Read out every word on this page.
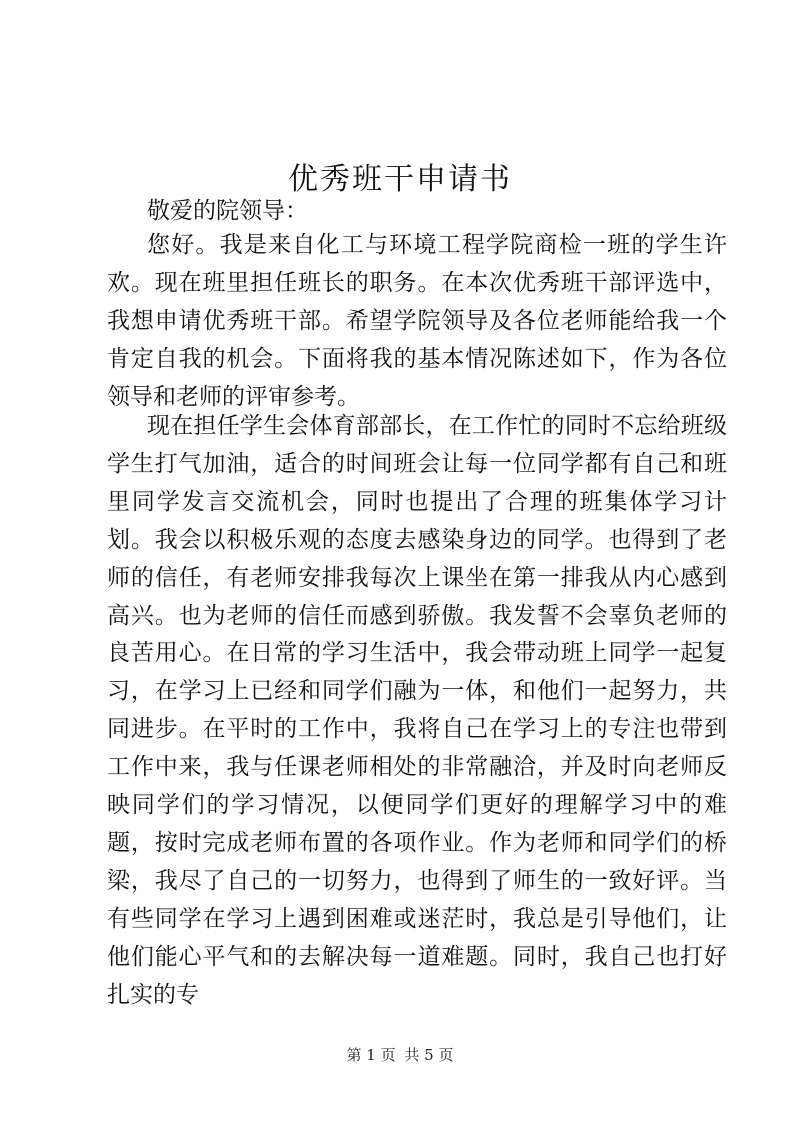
优秀班干申请书
敬爱的院领导：

您好。我是来自化工与环境工程学院商检一班的学生许欢。现在班里担任班长的职务。在本次优秀班干部评选中，我想申请优秀班干部。希望学院领导及各位老师能给我一个肯定自我的机会。下面将我的基本情况陈述如下，作为各位领导和老师的评审参考。

现在担任学生会体育部部长，在工作忙的同时不忘给班级学生打气加油，适合的时间班会让每一位同学都有自己和班里同学发言交流机会，同时也提出了合理的班集体学习计划。我会以积极乐观的态度去感染身边的同学。也得到了老师的信任，有老师安排我每次上课坐在第一排我从内心感到高兴。也为老师的信任而感到骄傲。我发誓不会辜负老师的良苦用心。在日常的学习生活中，我会带动班上同学一起复习，在学习上已经和同学们融为一体，和他们一起努力，共同进步。在平时的工作中，我将自己在学习上的专注也带到工作中来，我与任课老师相处的非常融洽，并及时向老师反映同学们的学习情况，以便同学们更好的理解学习中的难题，按时完成老师布置的各项作业。作为老师和同学们的桥梁，我尽了自己的一切努力，也得到了师生的一致好评。当有些同学在学习上遇到困难或迷茫时，我总是引导他们，让他们能心平气和的去解决每一道难题。同时，我自己也打好扎实的专

第 1 页 共 5 页
